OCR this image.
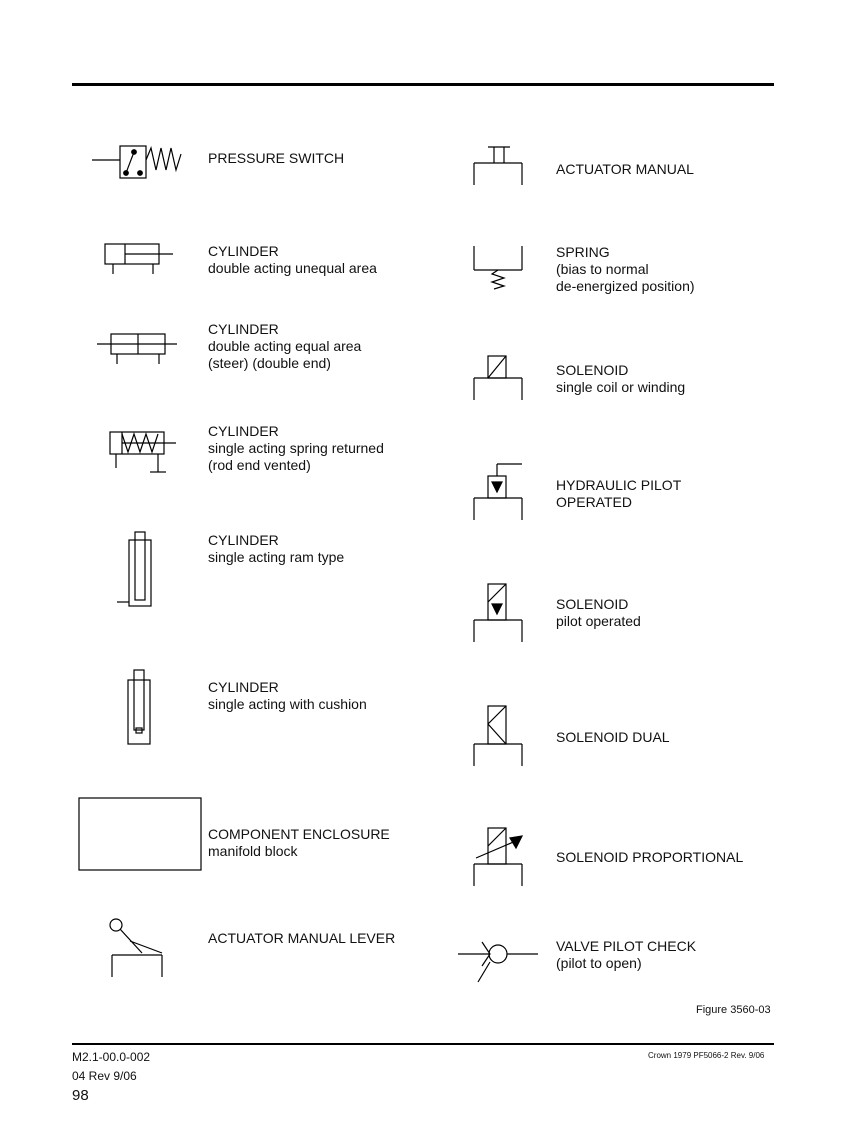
PRESSURE SWITCH
CYLINDER
double acting unequal area
CYLINDER
double acting equal area
(steer) (double end)
CYLINDER
single acting spring returned
(rod end vented)
CYLINDER
single acting ram type
CYLINDER
single acting with cushion
COMPONENT ENCLOSURE
manifold block
ACTUATOR MANUAL LEVER
ACTUATOR MANUAL
SPRING
(bias to normal
de-energized position)
SOLENOID
single coil or winding
HYDRAULIC PILOT
OPERATED
SOLENOID
pilot operated
SOLENOID DUAL
SOLENOID PROPORTIONAL
VALVE PILOT CHECK
(pilot to open)
Figure 3560-03
M2.1-00.0-002
04 Rev 9/06
98
Crown 1979 PF5066-2 Rev. 9/06
